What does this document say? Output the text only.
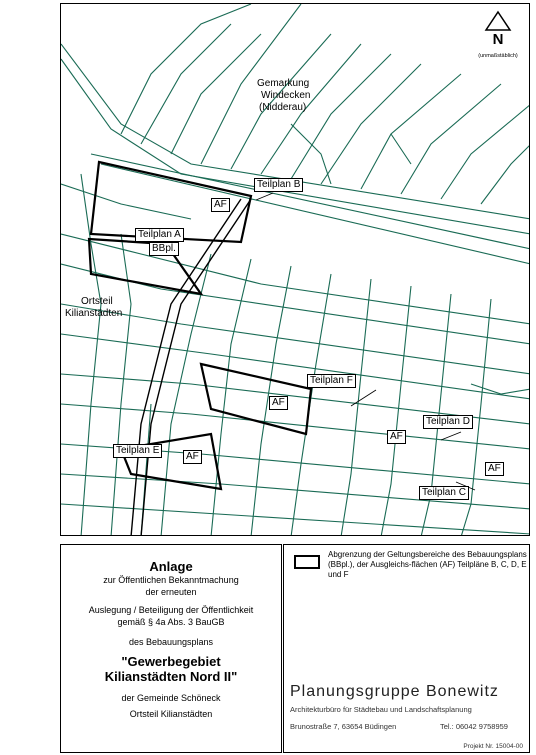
Gemarkung
Windecken
(Nidderau)
Ortsteil
Kilianstädten
Teilplan B
AF
Teilplan A
BBpl.
Teilplan F
AF
Teilplan D
AF
Teilplan E
AF
AF
Teilplan C
N
(unmaßstäblich)
Anlage
zur Öffentlichen Bekanntmachung
der erneuten
Auslegung / Beteiligung der Öffentlichkeit
gemäß § 4a Abs. 3 BauGB
des Bebauungsplans
"Gewerbegebiet
Kilianstädten Nord II"
der Gemeinde Schöneck
Ortsteil Kilianstädten
Abgrenzung der Geltungsbereiche des Bebauungsplans (BBpl.), der Ausgleichs-flächen (AF) Teilpläne B, C, D, E und F
Planungsgruppe Bonewitz
Architekturbüro für Städtebau und Landschaftsplanung
Brunostraße 7, 63654 Büdingen	Tel.: 06042 9758959
Projekt Nr. 15004-00
